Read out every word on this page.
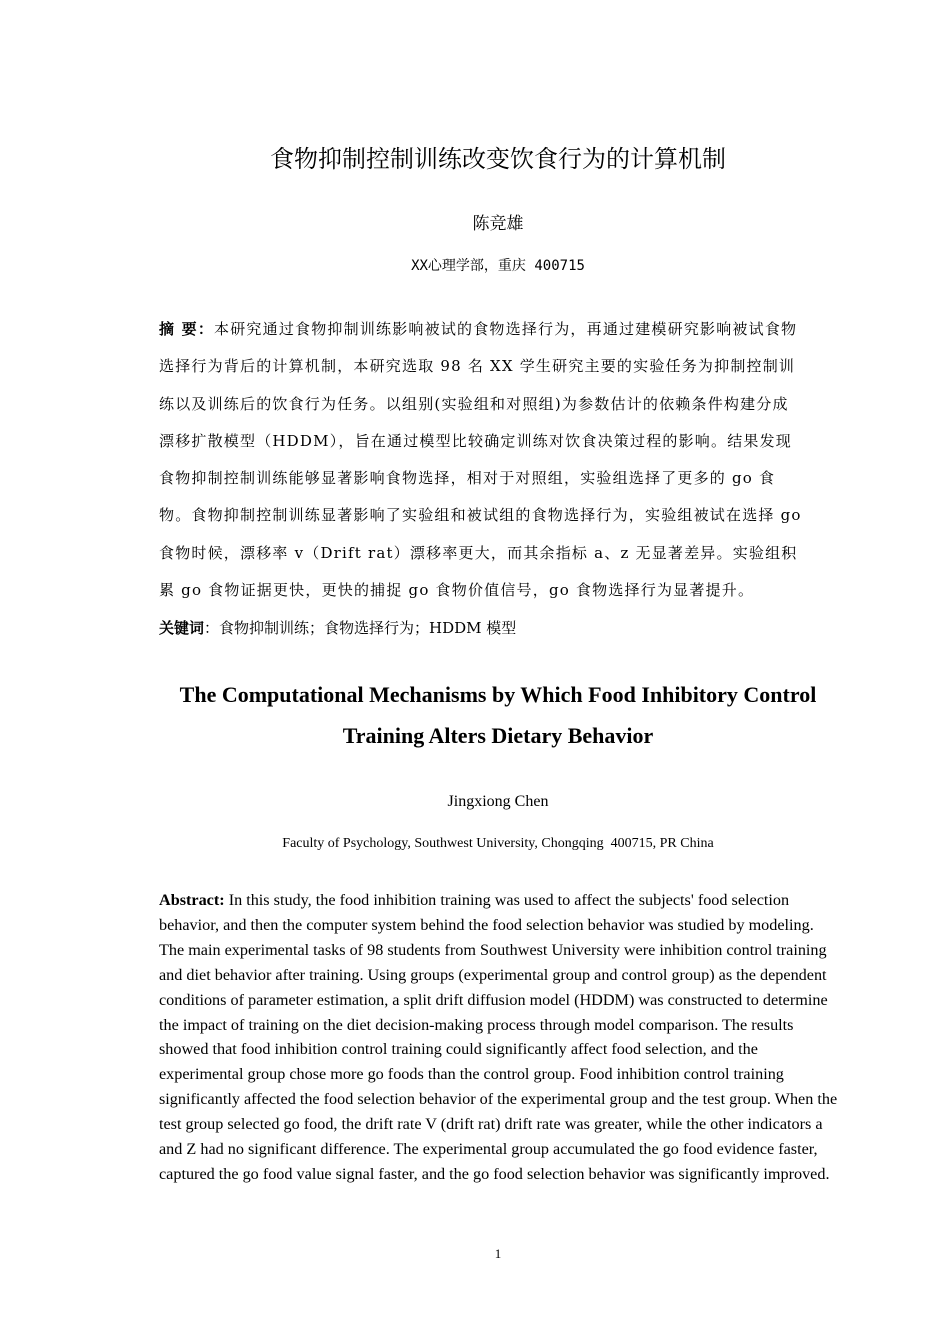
食物抑制控制训练改变饮食行为的计算机制
陈竞雄
XX心理学部，重庆 400715

摘 要：本研究通过食物抑制训练影响被试的食物选择行为，再通过建模研究影响被试食物选择行为背后的计算机制，本研究选取 98 名 XX 学生研究主要的实验任务为抑制控制训练以及训练后的饮食行为任务。以组别(实验组和对照组)为参数估计的依赖条件构建分成漂移扩散模型（HDDM），旨在通过模型比较确定训练对饮食决策过程的影响。结果发现食物抑制控制训练能够显著影响食物选择，相对于对照组，实验组选择了更多的 go 食物。食物抑制控制训练显著影响了实验组和被试组的食物选择行为，实验组被试在选择 go 食物时候，漂移率 v（Drift rat）漂移率更大，而其余指标 a、z 无显著差异。实验组积累 go 食物证据更快，更快的捕捉 go 食物价值信号，go 食物选择行为显著提升。

关键词：食物抑制训练；食物选择行为；HDDM 模型
The Computational Mechanisms by Which Food Inhibitory Control Training Alters Dietary Behavior
Jingxiong Chen
Faculty of Psychology, Southwest University, Chongqing  400715, PR China

Abstract: In this study, the food inhibition training was used to affect the subjects' food selection behavior, and then the computer system behind the food selection behavior was studied by modeling. The main experimental tasks of 98 students from Southwest University were inhibition control training and diet behavior after training. Using groups (experimental group and control group) as the dependent conditions of parameter estimation, a split drift diffusion model (HDDM) was constructed to determine the impact of training on the diet decision-making process through model comparison. The results showed that food inhibition control training could significantly affect food selection, and the experimental group chose more go foods than the control group. Food inhibition control training significantly affected the food selection behavior of the experimental group and the test group. When the test group selected go food, the drift rate V (drift rat) drift rate was greater, while the other indicators a and Z had no significant difference. The experimental group accumulated the go food evidence faster, captured the go food value signal faster, and the go food selection behavior was significantly improved.

1
